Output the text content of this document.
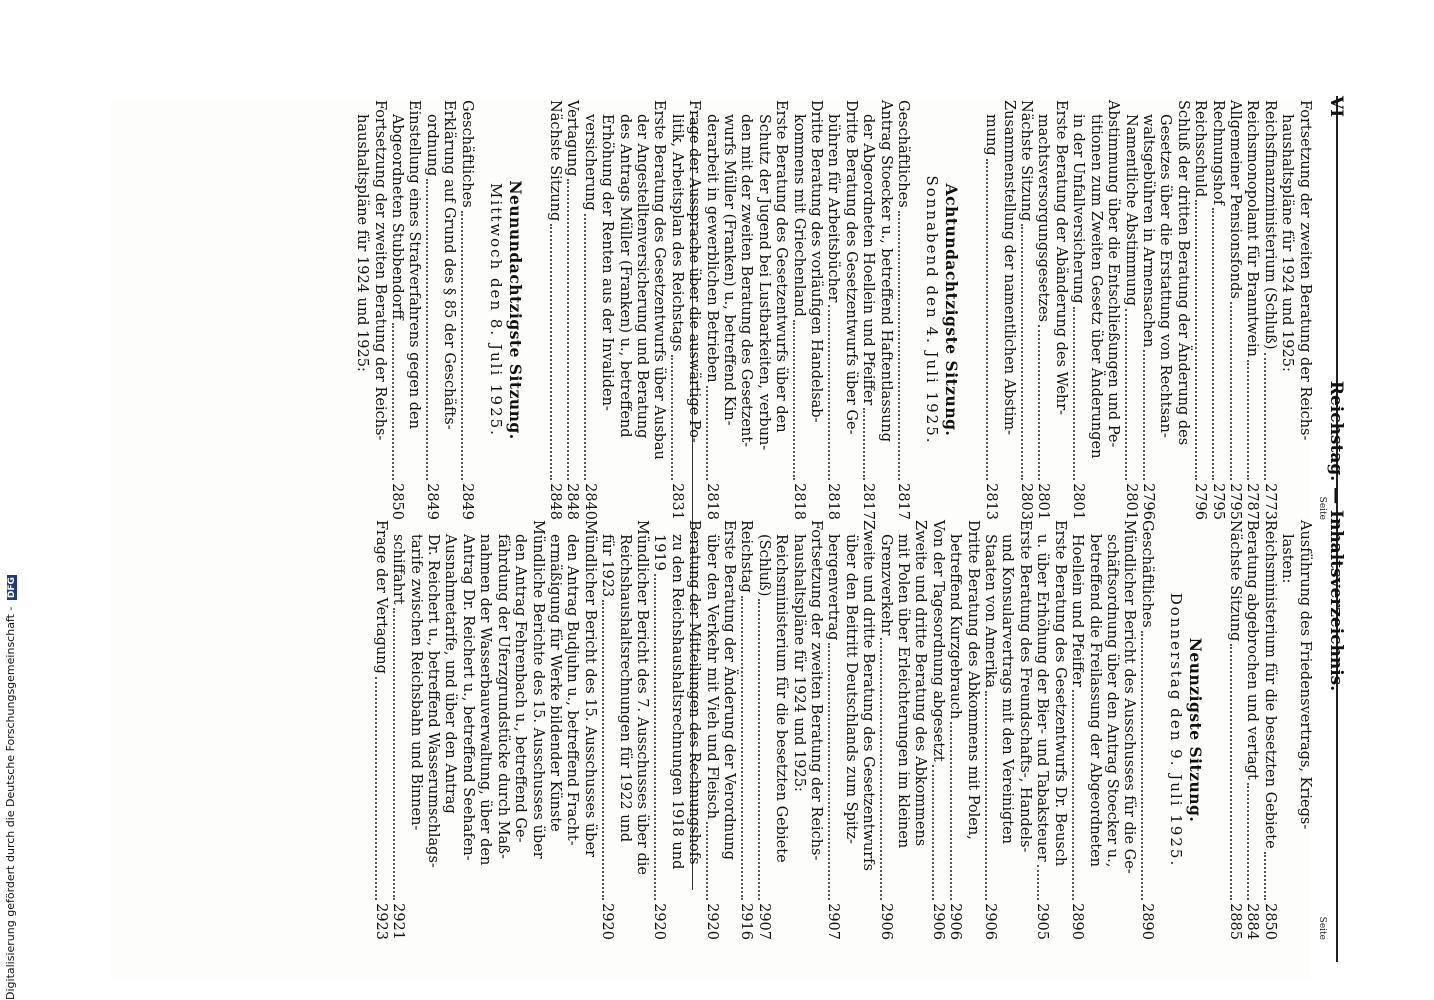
VI
Reichstag. — Inhaltsverzeichnis.
Seite
Fortsetzung der zweiten Beratung der Reichs-
haushaltspläne für 1924 und 1925:
Reichsfinanzministerium (Schluß)
2773
Reichsmonopolamt für Branntwein
2787
Allgemeiner Pensionsfonds
2795
Rechnungshof
2795
Reichsschuld
2796
Schluß der dritten Beratung der Änderung des
Gesetzes über die Erstattung von Rechtsan-
waltsgebühren in Armensachen
2796
Namentliche Abstimmung
2801
Abstimmung über die Entschließungen und Pe-
titionen zum Zweiten Gesetz über Änderungen
in der Unfallversicherung
2801
Erste Beratung der Abänderung des Wehr-
machtsversorgungsgesetzes
2801
Nächste Sitzung
2803
Zusammenstellung der namentlichen Abstim-
mung
2813
Achtundachtzigste Sitzung.
Sonnabend den 4. Juli 1925.
Geschäftliches
2817
Antrag Stoecker u., betreffend Haftentlassung
der Abgeordneten Hoellein und Pfeiffer
2817
Dritte Beratung des Gesetzentwurfs über Ge-
bühren für Arbeitsbücher
2818
Dritte Beratung des vorläufigen Handelsab-
kommens mit Griechenland
2818
Erste Beratung des Gesetzentwurfs über den
Schutz der Jugend bei Lustbarkeiten, verbun-
den mit der zweiten Beratung des Gesetzent-
wurfs Müller (Franken) u., betreffend Kin-
derarbeit in gewerblichen Betrieben
2818
Frage der Aussprache über die auswärtige Po-
litik, Arbeitsplan des Reichstags
2831
Erste Beratung des Gesetzentwurfs über Ausbau
der Angestelltenversicherung und Beratung
des Antrags Müller (Franken) u., betreffend
Erhöhung der Renten aus der Invaliden-
versicherung
2840
Vertagung
2848
Nächste Sitzung
2848
Neunundachtzigste Sitzung.
Mittwoch den 8. Juli 1925.
Geschäftliches
2849
Erklärung auf Grund des § 85 der Geschäfts-
ordnung
2849
Einstellung eines Strafverfahrens gegen den
Abgeordneten Stubbendorff
2850
Fortsetzung der zweiten Beratung der Reichs-
haushaltspläne für 1924 und 1925:
Seite
Ausführung des Friedensvertrags, Kriegs-
lasten:
Reichsministerium für die besetzten Gebiete
2850
Beratung abgebrochen und vertagt
2884
Nächste Sitzung
2885
Neunzigste Sitzung.
Donnerstag den 9. Juli 1925.
Geschäftliches
2890
Mündlicher Bericht des Ausschusses für die Ge-
schäftsordnung über den Antrag Stoecker u.,
betreffend die Freilassung der Abgeordneten
Hoellein und Pfeiffer
2890
Erste Beratung des Gesetzentwurfs Dr. Beusch
u. über Erhöhung der Bier- und Tabaksteuer
2905
Erste Beratung des Freundschafts-, Handels-
und Konsularvertrags mit den Vereinigten
Staaten von Amerika
2906
Dritte Beratung des Abkommens mit Polen,
betreffend Kurzgebrauch
2906
Von der Tagesordnung abgesetzt
2906
Zweite und dritte Beratung des Abkommens
mit Polen über Erleichterungen im kleinen
Grenzverkehr
2906
Zweite und dritte Beratung des Gesetzentwurfs
über den Beitritt Deutschlands zum Spitz-
bergenvertrag
2907
Fortsetzung der zweiten Beratung der Reichs-
haushaltspläne für 1924 und 1925:
Reichsministerium für die besetzten Gebiete
(Schluß)
2907
Reichstag
2916
Erste Beratung der Änderung der Verordnung
über den Verkehr mit Vieh und Fleisch
2920
Beratung der Mitteilungen des Rechnungshofs
zu den Reichshaushaltsrechnungen 1918 und
1919
2920
Mündlicher Bericht des 7. Ausschusses über die
Reichshaushaltsrechnungen für 1922 und
für 1923
2920
Mündlicher Bericht des 15. Ausschusses über
den Antrag Budjuhn u., betreffend Fracht-
ermäßigung für Werke bildender Künste
Mündliche Berichte des 15. Ausschusses über
den Antrag Fehrenbach u., betreffend Ge-
fährdung der Uferzgrundstücke durch Maß-
nahmen der Wasserbauverwaltung, über den
Antrag Dr. Reichert u., betreffend Seehafen-
Ausnahmetarife, und über den Antrag
Dr. Reichert u., betreffend Wasserumschlags-
tarife zwischen Reichsbahn und Binnen-
schiffahrt
2921
Frage der Vertagung
2923
Digitalisierung gefördert durch die Deutsche Forschungsgemeinschaft - DFG
